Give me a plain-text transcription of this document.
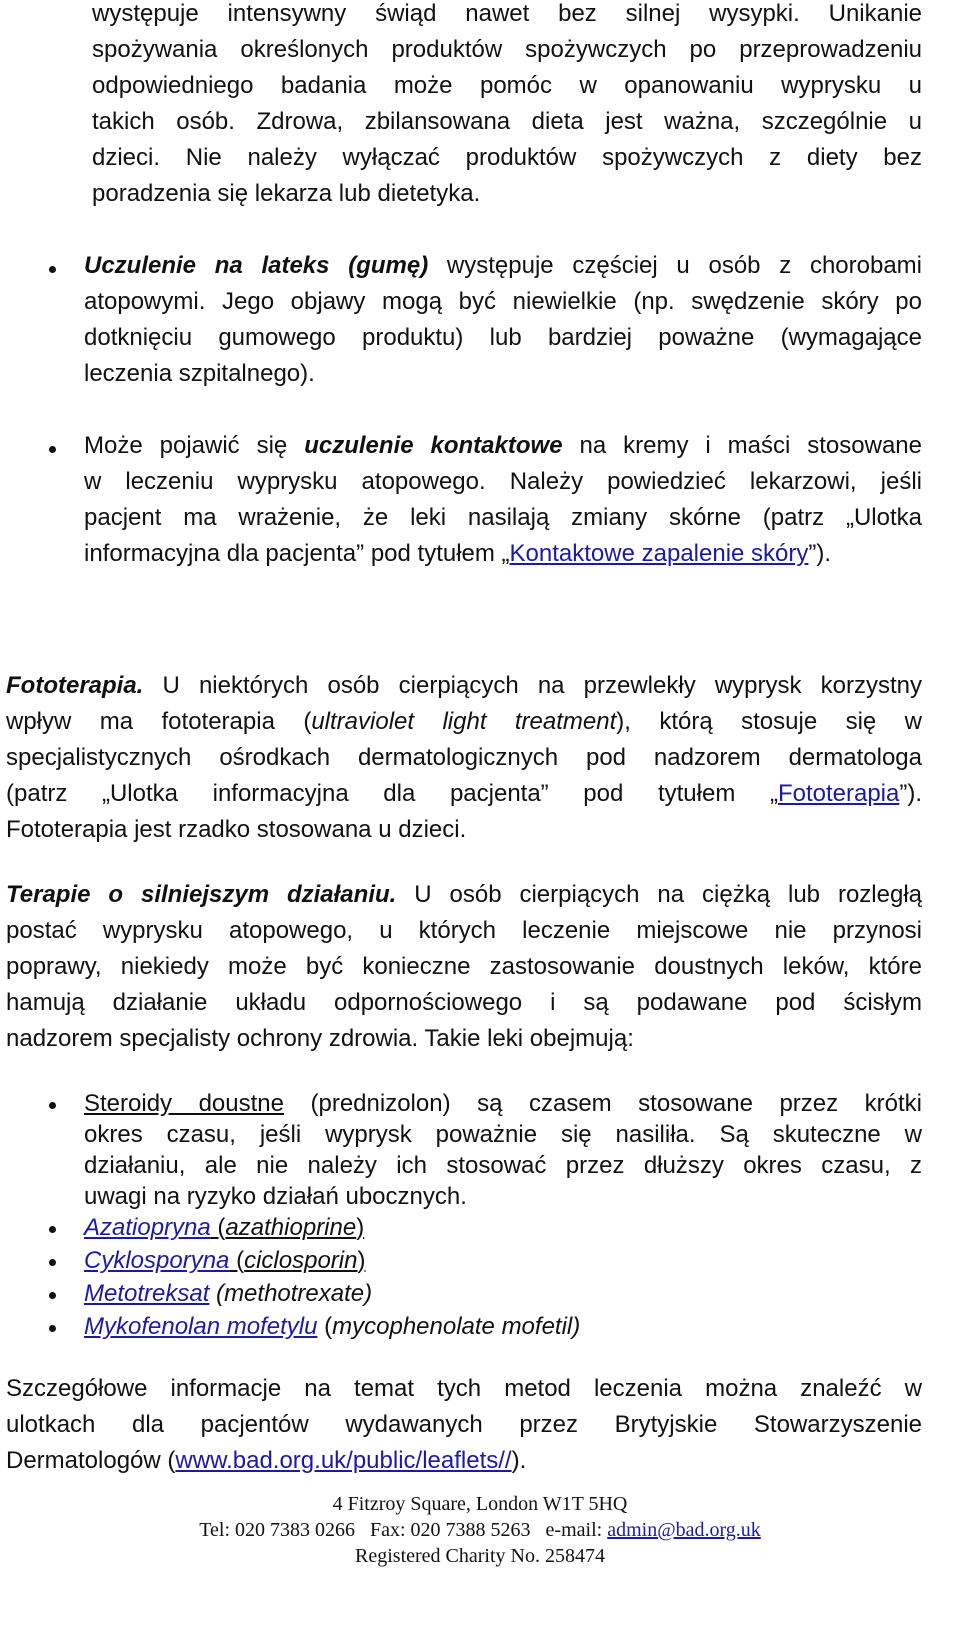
występuje intensywny świąd nawet bez silnej wysypki. Unikanie
spożywania określonych produktów spożywczych po przeprowadzeniu
odpowiedniego badania może pomóc w opanowaniu wyprysku u
takich osób. Zdrowa, zbilansowana dieta jest ważna, szczególnie u
dzieci. Nie należy wyłączać produktów spożywczych z diety bez
poradzenia się lekarza lub dietetyka.
Uczulenie na lateks (gumę) występuje częściej u osób z chorobami
atopowymi. Jego objawy mogą być niewielkie (np. swędzenie skóry po
dotknięciu gumowego produktu) lub bardziej poważne (wymagające
leczenia szpitalnego).
Może pojawić się uczulenie kontaktowe na kremy i maści stosowane
w leczeniu wyprysku atopowego. Należy powiedzieć lekarzowi, jeśli
pacjent ma wrażenie, że leki nasilają zmiany skórne (patrz „Ulotka
informacyjna dla pacjenta” pod tytułem „Kontaktowe zapalenie skóry”).
Fototerapia. U niektórych osób cierpiących na przewlekły wyprysk korzystny
wpływ ma fototerapia (ultraviolet light treatment), którą stosuje się w
specjalistycznych ośrodkach dermatologicznych pod nadzorem dermatologa
(patrz „Ulotka informacyjna dla pacjenta” pod tytułem „Fototerapia”).
Fototerapia jest rzadko stosowana u dzieci.
Terapie o silniejszym działaniu. U osób cierpiących na ciężką lub rozległą
postać wyprysku atopowego, u których leczenie miejscowe nie przynosi
poprawy, niekiedy może być konieczne zastosowanie doustnych leków, które
hamują działanie układu odpornościowego i są podawane pod ścisłym
nadzorem specjalisty ochrony zdrowia. Takie leki obejmują:
Steroidy doustne (prednizolon) są czasem stosowane przez krótki
okres czasu, jeśli wyprysk poważnie się nasiliła. Są skuteczne w
działaniu, ale nie należy ich stosować przez dłuższy okres czasu, z
uwagi na ryzyko działań ubocznych.
Azatiopryna (azathioprine)
Cyklosporyna (ciclosporin)
Metotreksat (methotrexate)
Mykofenolan mofetylu (mycophenolate mofetil)
Szczegółowe informacje na temat tych metod leczenia można znaleźć w
ulotkach dla pacjentów wydawanych przez Brytyjskie Stowarzyszenie
Dermatologów (www.bad.org.uk/public/leaflets//).
4 Fitzroy Square, London W1T 5HQ
Tel: 020 7383 0266   Fax: 020 7388 5263   e-mail: admin@bad.org.uk
Registered Charity No. 258474
